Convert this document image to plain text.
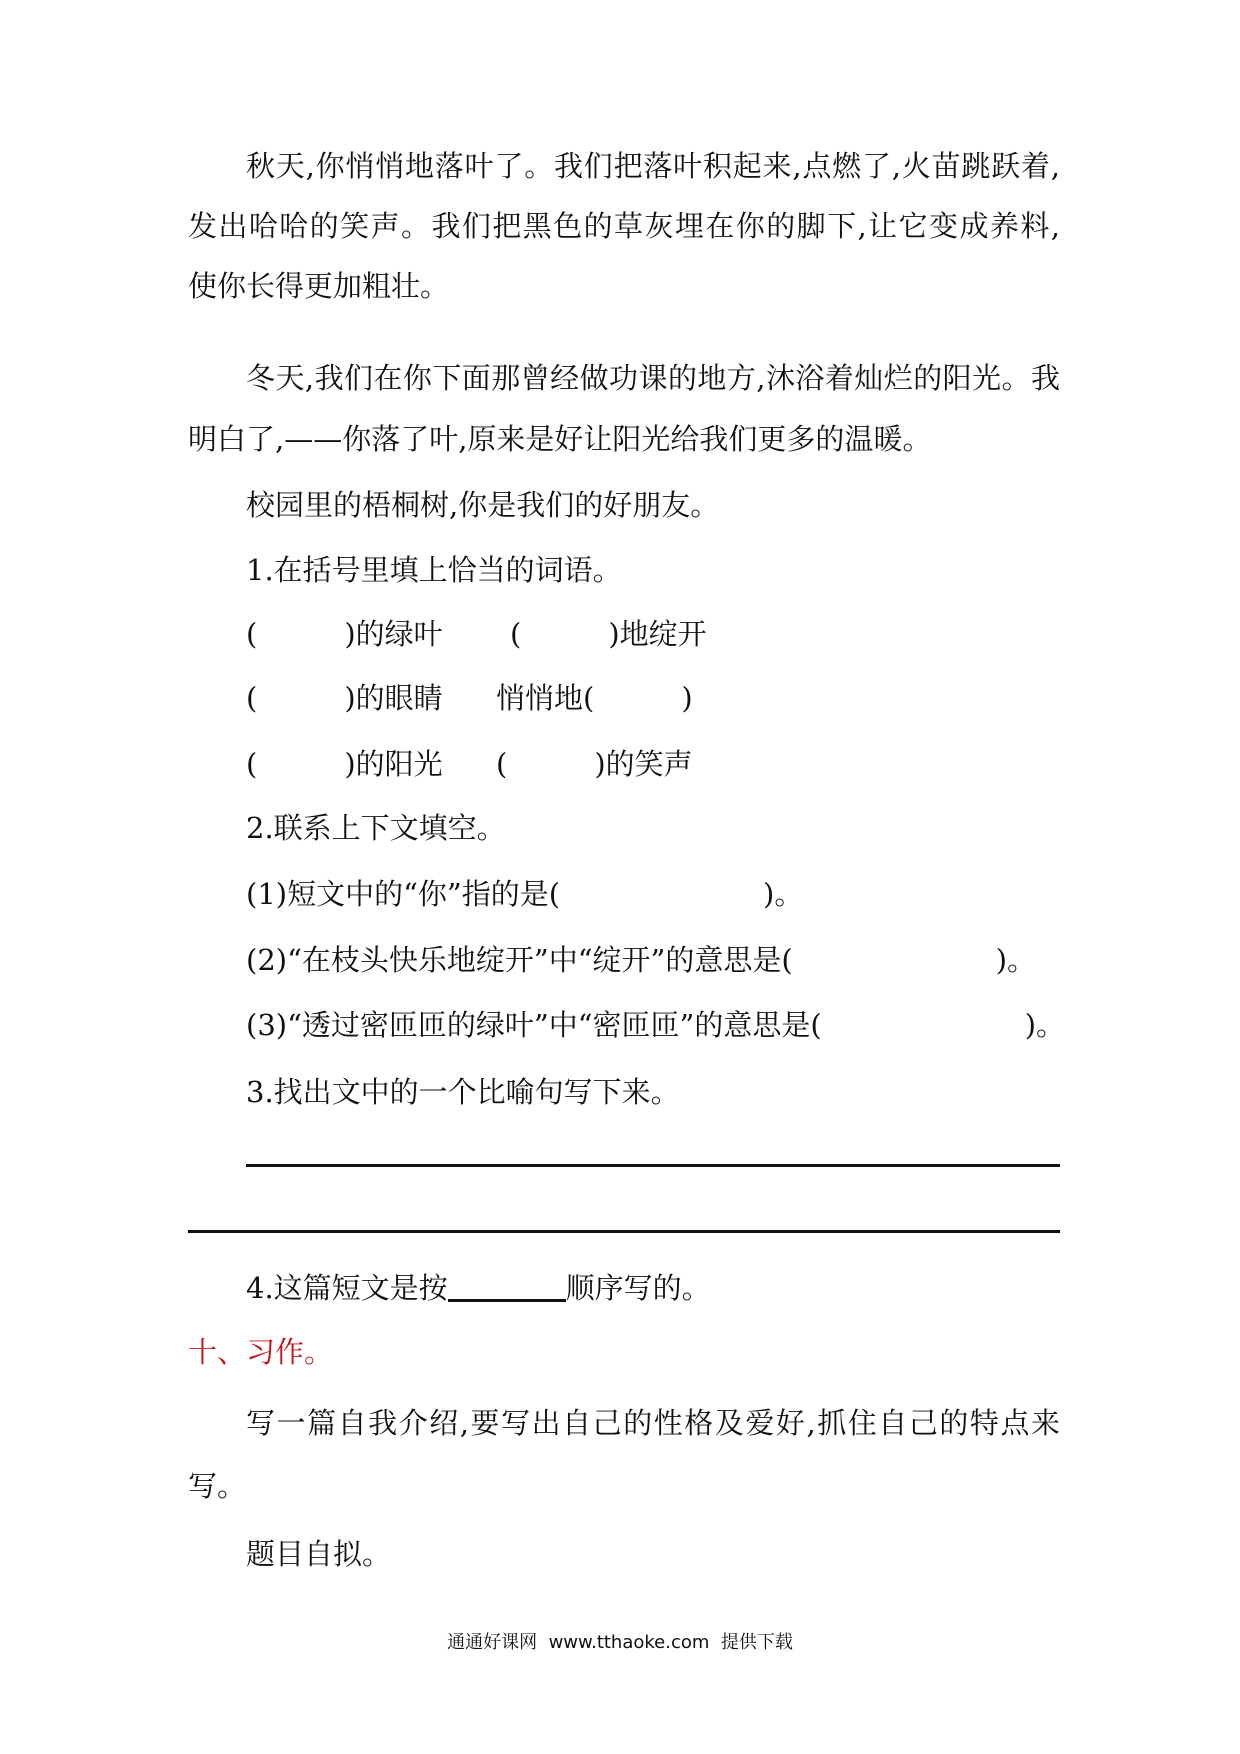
秋天,你悄悄地落叶了。我们把落叶积起来,点燃了,火苗跳跃着,
发出哈哈的笑声。我们把黑色的草灰埋在你的脚下,让它变成养料,
使你长得更加粗壮。
冬天,我们在你下面那曾经做功课的地方,沐浴着灿烂的阳光。我
明白了,——你落了叶,原来是好让阳光给我们更多的温暖。
校园里的梧桐树,你是我们的好朋友。
1.在括号里填上恰当的词语。
(　　　)的绿叶 (　　　)地绽开
(　　　)的眼睛 悄悄地(　　　)
(　　　)的阳光 (　　　)的笑声
2.联系上下文填空。
(1)短文中的“你”指的是(　　　　　　　)。
(2)“在枝头快乐地绽开”中“绽开”的意思是(　　　　　　　)。
(3)“透过密匝匝的绿叶”中“密匝匝”的意思是(　　　　　　　)。
3.找出文中的一个比喻句写下来。
4.这篇短文是按	顺序写的。
十、习作。
写一篇自我介绍,要写出自己的性格及爱好,抓住自己的特点来
写。
题目自拟。
通通好课网  www.tthaoke.com  提供下载
